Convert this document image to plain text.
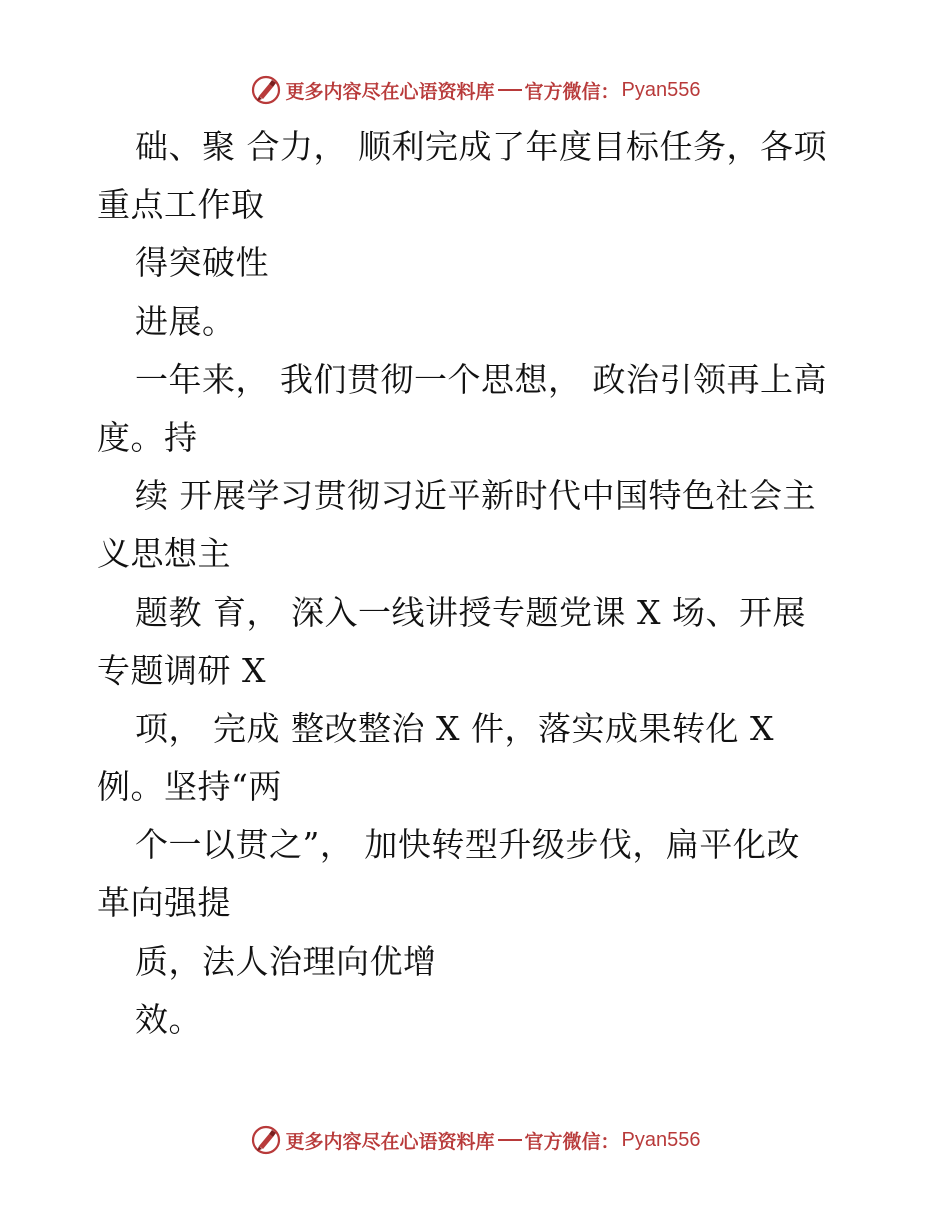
更多内容尽在心语资料库 官方微信： Pyan556
础、聚 合力， 顺利完成了年度目标任务，各项
重点工作取
得突破性
进展。
一年来， 我们贯彻一个思想， 政治引领再上高
度。持
续 开展学习贯彻习近平新时代中国特色社会主
义思想主
题教 育， 深入一线讲授专题党课 X 场、开展
专题调研 X
项， 完成 整改整治 X 件，落实成果转化 X
例。坚持“两
个一以贯之”， 加快转型升级步伐，扁平化改
革向强提
质，法人治理向优增
效。
更多内容尽在心语资料库 官方微信： Pyan556
